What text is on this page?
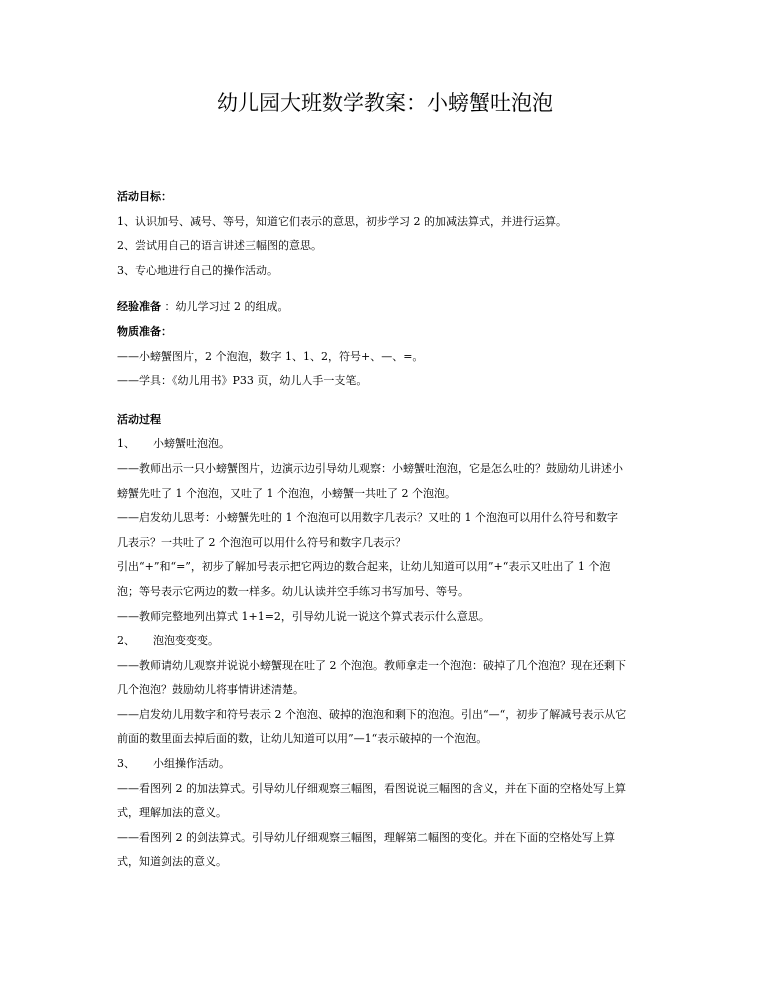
幼儿园大班数学教案：小螃蟹吐泡泡
活动目标：
1、认识加号、减号、等号，知道它们表示的意思，初步学习 2 的加减法算式，并进行运算。
2、尝试用自己的语言讲述三幅图的意思。
3、专心地进行自己的操作活动。
经验准备 ：幼儿学习过 2 的组成。
物质准备：
——小螃蟹图片，2 个泡泡，数字 1、1、2，符号+、—、=。
——学具：《幼儿用书》P33 页，幼儿人手一支笔。
活动过程
1、 小螃蟹吐泡泡。
——教师出示一只小螃蟹图片，边演示边引导幼儿观察：小螃蟹吐泡泡，它是怎么吐的？鼓励幼儿讲述小
螃蟹先吐了 1 个泡泡，又吐了 1 个泡泡，小螃蟹一共吐了 2 个泡泡。
——启发幼儿思考：小螃蟹先吐的 1 个泡泡可以用数字几表示？又吐的 1 个泡泡可以用什么符号和数字
几表示？一共吐了 2 个泡泡可以用什么符号和数字几表示？
引出“+”和“=”，初步了解加号表示把它两边的数合起来，让幼儿知道可以用”+“表示又吐出了 1 个泡
泡；等号表示它两边的数一样多。幼儿认读并空手练习书写加号、等号。
——教师完整地列出算式 1+1=2，引导幼儿说一说这个算式表示什么意思。
2、 泡泡变变变。
——教师请幼儿观察并说说小螃蟹现在吐了 2 个泡泡。教师拿走一个泡泡：破掉了几个泡泡？现在还剩下
几个泡泡？鼓励幼儿将事情讲述清楚。
——启发幼儿用数字和符号表示 2 个泡泡、破掉的泡泡和剩下的泡泡。引出“—“，初步了解减号表示从它
前面的数里面去掉后面的数，让幼儿知道可以用”—1“表示破掉的一个泡泡。
3、 小组操作活动。
——看图列 2 的加法算式。引导幼儿仔细观察三幅图，看图说说三幅图的含义，并在下面的空格处写上算
式，理解加法的意义。
——看图列 2 的剑法算式。引导幼儿仔细观察三幅图，理解第二幅图的变化。并在下面的空格处写上算
式，知道剑法的意义。
